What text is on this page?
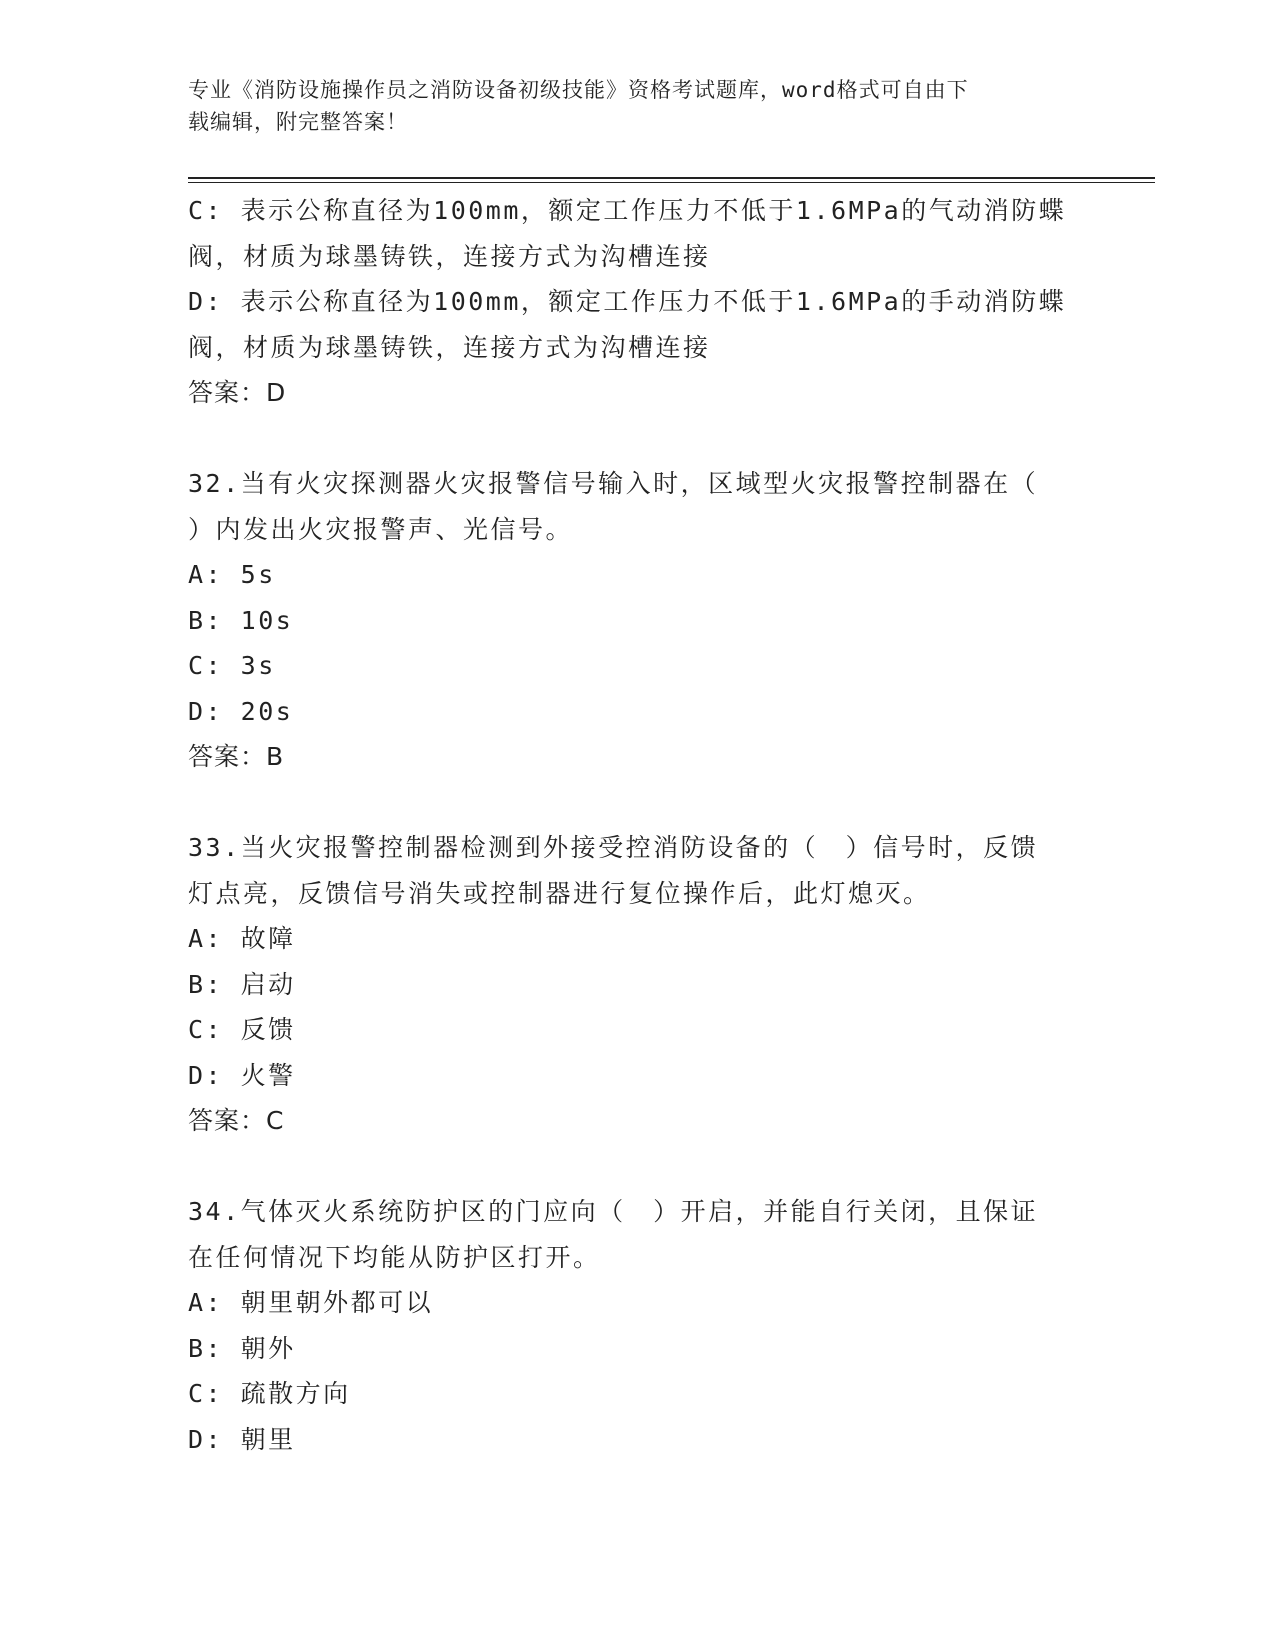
专业《消防设施操作员之消防设备初级技能》资格考试题库，word格式可自由下
载编辑，附完整答案！
C: 表示公称直径为100mm，额定工作压力不低于1.6MPa的气动消防蝶
阀，材质为球墨铸铁，连接方式为沟槽连接
D: 表示公称直径为100mm，额定工作压力不低于1.6MPa的手动消防蝶
阀，材质为球墨铸铁，连接方式为沟槽连接
答案：D
32.当有火灾探测器火灾报警信号输入时，区域型火灾报警控制器在（
）内发出火灾报警声、光信号。
A: 5s
B: 10s
C: 3s
D: 20s
答案：B
33.当火灾报警控制器检测到外接受控消防设备的（　）信号时，反馈
灯点亮，反馈信号消失或控制器进行复位操作后，此灯熄灭。
A: 故障
B: 启动
C: 反馈
D: 火警
答案：C
34.气体灭火系统防护区的门应向（　）开启，并能自行关闭，且保证
在任何情况下均能从防护区打开。
A: 朝里朝外都可以
B: 朝外
C: 疏散方向
D: 朝里
